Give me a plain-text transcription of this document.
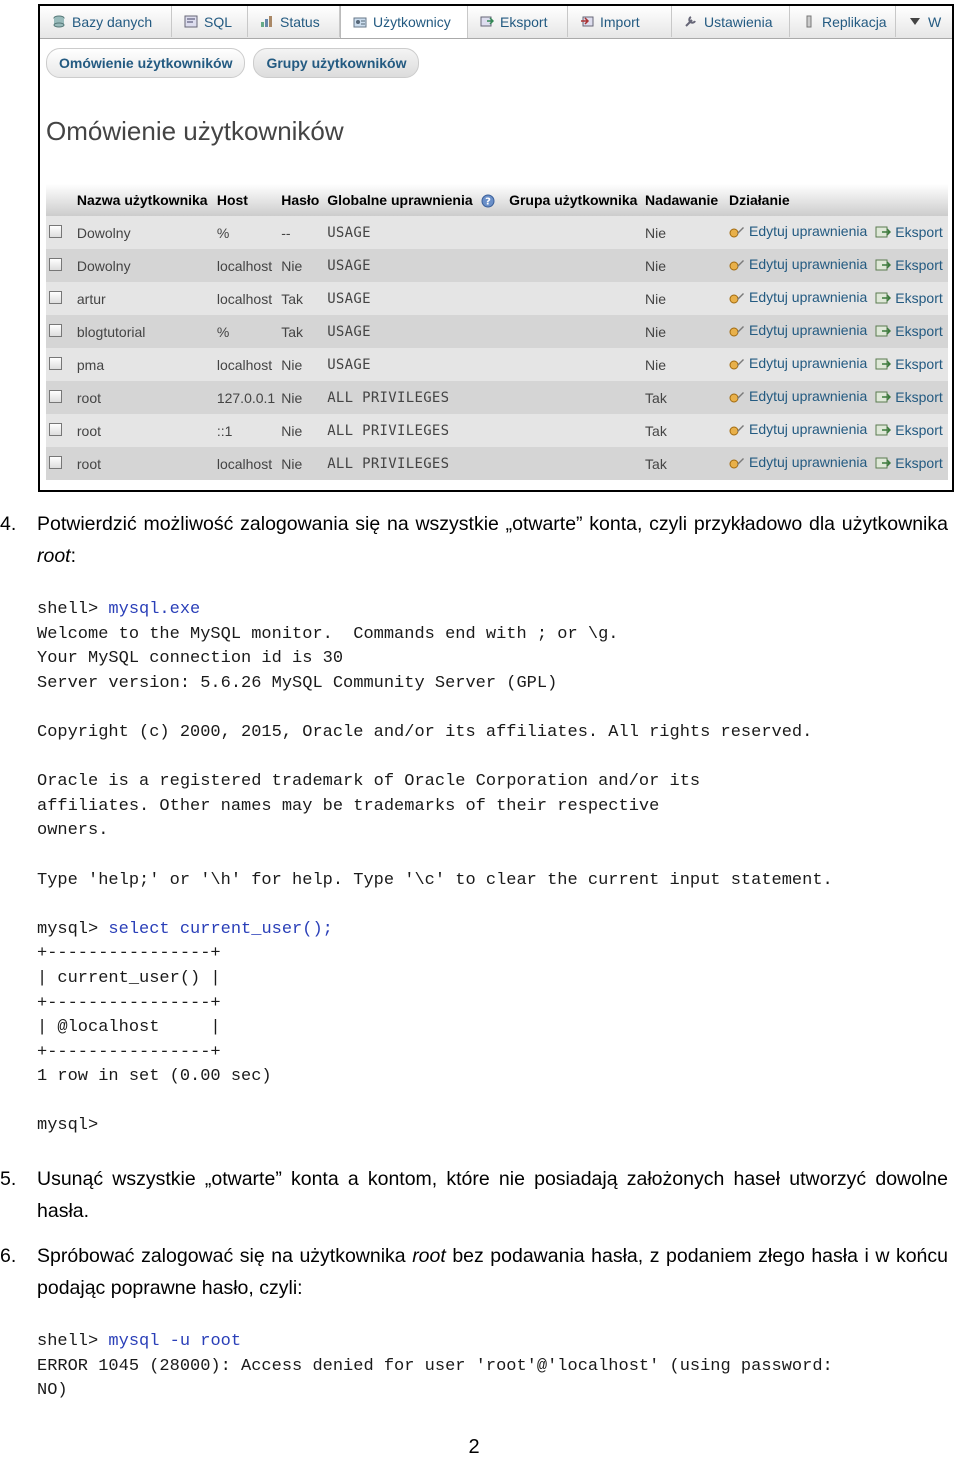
Bazy danych	SQL	Status	Użytkownicy	Eksport	Import	Ustawienia	Replikacja	W
Omówienie użytkowników	Grupy użytkowników
Omówienie użytkowników
	Nazwa użytkownika	Host	Hasło	Globalne uprawnienia ?	Grupa użytkownika	Nadawanie	Działanie
	Dowolny	%	--	USAGE		Nie	Edytuj uprawnienia Eksport

	Dowolny	localhost	Nie	USAGE		Nie	Edytuj uprawnienia Eksport

	artur	localhost	Tak	USAGE		Nie	Edytuj uprawnienia Eksport

	blogtutorial	%	Tak	USAGE		Nie	Edytuj uprawnienia Eksport

	pma	localhost	Nie	USAGE		Nie	Edytuj uprawnienia Eksport

	root	127.0.0.1	Nie	ALL PRIVILEGES		Tak	Edytuj uprawnienia Eksport

	root	::1	Nie	ALL PRIVILEGES		Tak	Edytuj uprawnienia Eksport

	root	localhost	Nie	ALL PRIVILEGES		Tak	Edytuj uprawnienia Eksport
4. Potwierdzić możliwość zalogowania się na wszystkie „otwarte” konta, czyli przykładowo dla użytkownika root:
shell> mysql.exe
Welcome to the MySQL monitor.  Commands end with ; or \g.
Your MySQL connection id is 30
Server version: 5.6.26 MySQL Community Server (GPL)

Copyright (c) 2000, 2015, Oracle and/or its affiliates. All rights reserved.

Oracle is a registered trademark of Oracle Corporation and/or its
affiliates. Other names may be trademarks of their respective
owners.

Type 'help;' or '\h' for help. Type '\c' to clear the current input statement.

mysql> select current_user();
+----------------+
| current_user() |
+----------------+
| @localhost     |
+----------------+
1 row in set (0.00 sec)

mysql>
5. Usunąć wszystkie „otwarte” konta a kontom, które nie posiadają założonych haseł utworzyć dowolne hasła.
6. Spróbować zalogować się na użytkownika root bez podawania hasła, z podaniem złego hasła i w końcu podając poprawne hasło, czyli:
shell> mysql -u root
ERROR 1045 (28000): Access denied for user 'root'@'localhost' (using password:
NO)
2
